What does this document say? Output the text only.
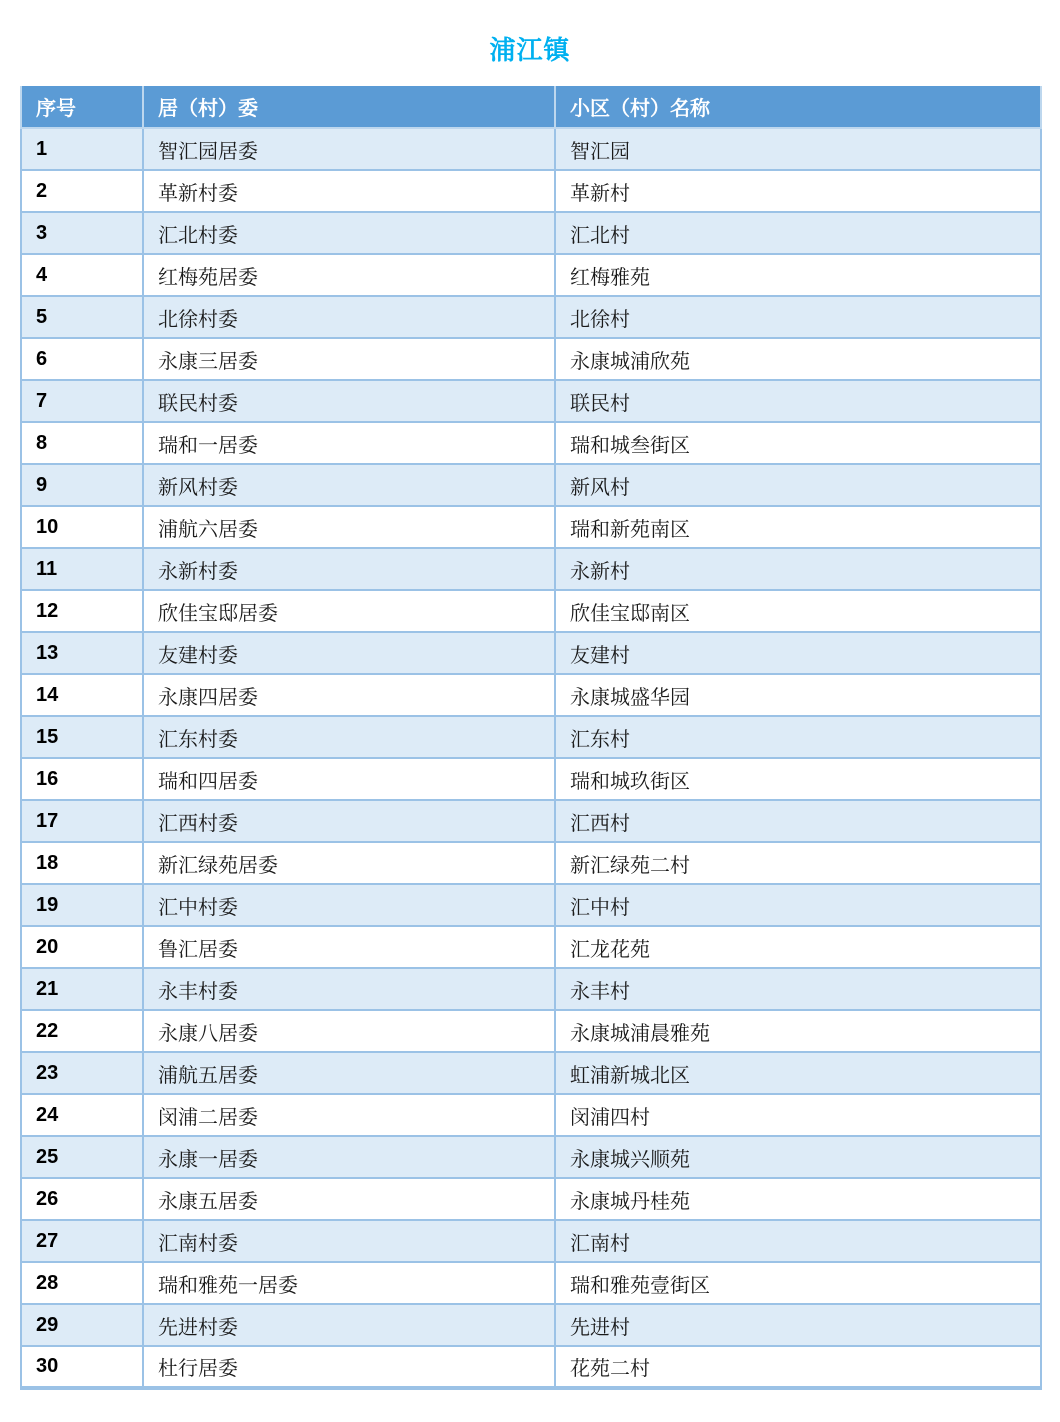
浦江镇
序号	居（村）委	小区（村）名称
1	智汇园居委	智汇园
2	革新村委	革新村
3	汇北村委	汇北村
4	红梅苑居委	红梅雅苑
5	北徐村委	北徐村
6	永康三居委	永康城浦欣苑
7	联民村委	联民村
8	瑞和一居委	瑞和城叁街区
9	新风村委	新风村
10	浦航六居委	瑞和新苑南区
11	永新村委	永新村
12	欣佳宝邸居委	欣佳宝邸南区
13	友建村委	友建村
14	永康四居委	永康城盛华园
15	汇东村委	汇东村
16	瑞和四居委	瑞和城玖街区
17	汇西村委	汇西村
18	新汇绿苑居委	新汇绿苑二村
19	汇中村委	汇中村
20	鲁汇居委	汇龙花苑
21	永丰村委	永丰村
22	永康八居委	永康城浦晨雅苑
23	浦航五居委	虹浦新城北区
24	闵浦二居委	闵浦四村
25	永康一居委	永康城兴顺苑
26	永康五居委	永康城丹桂苑
27	汇南村委	汇南村
28	瑞和雅苑一居委	瑞和雅苑壹街区
29	先进村委	先进村
30	杜行居委	花苑二村
